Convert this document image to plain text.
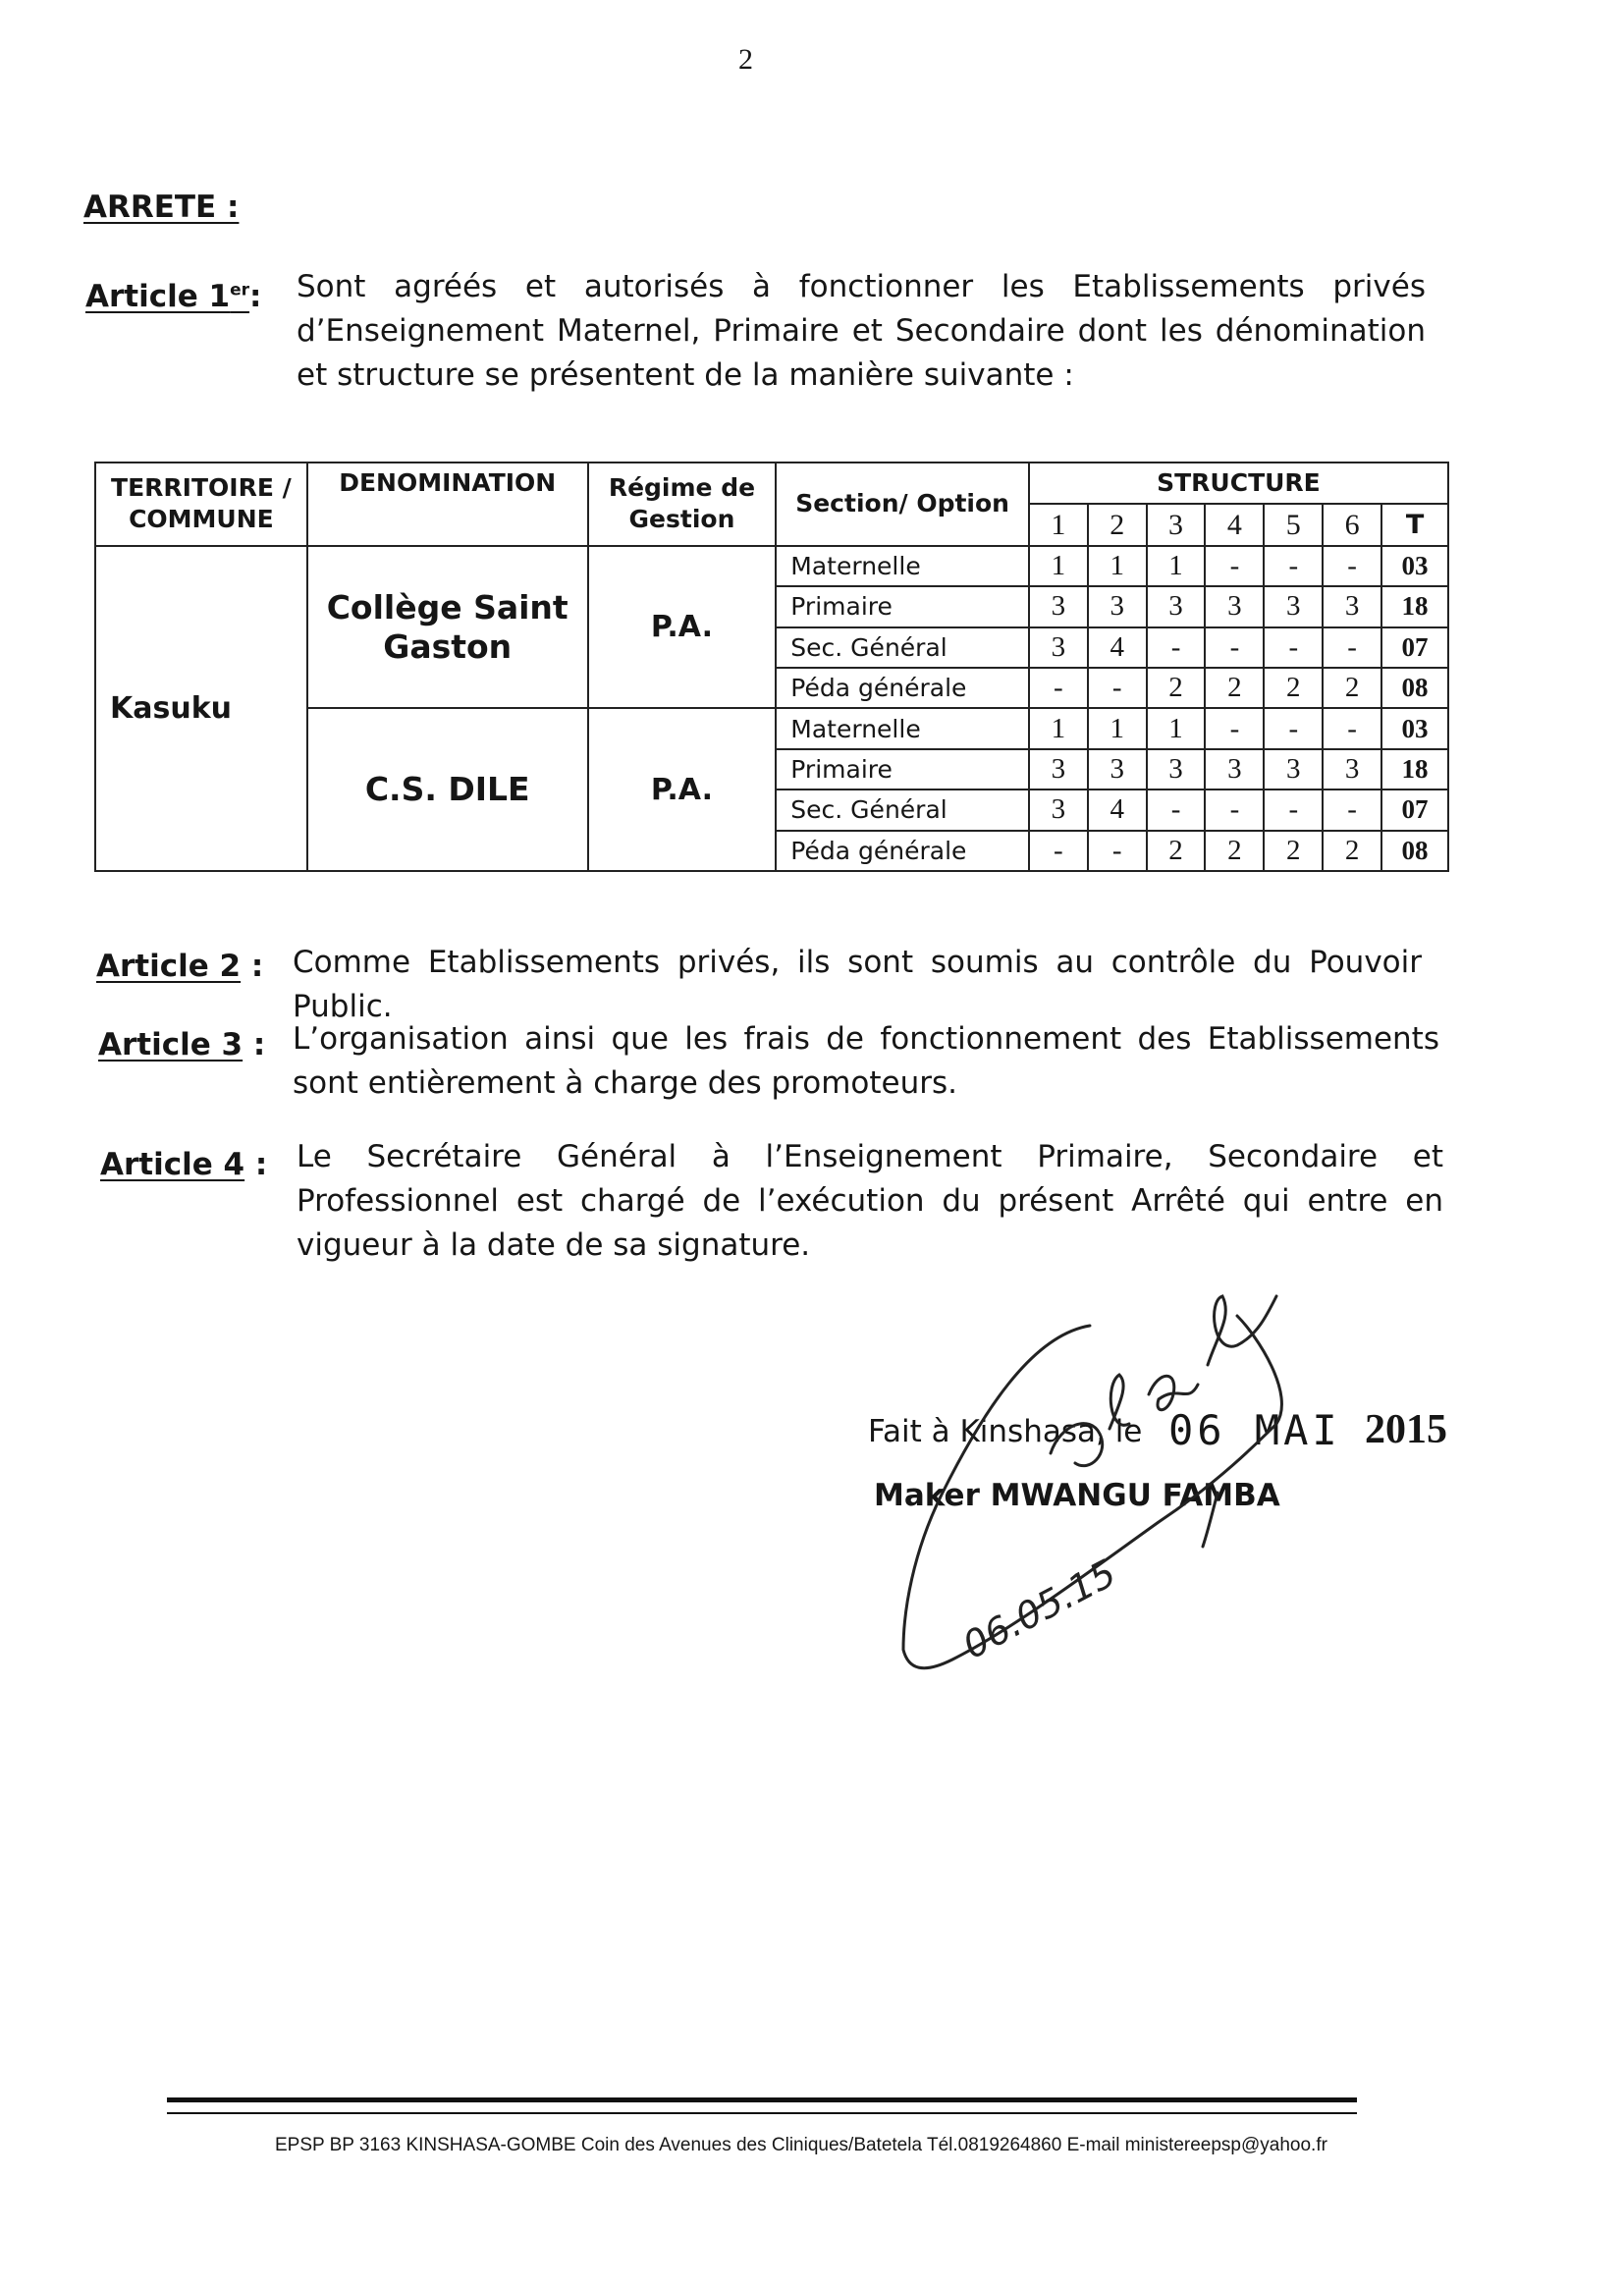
2
ARRETE :
Article 1er: Sont agréés et autorisés à fonctionner les Etablissements privés d’Enseignement Maternel, Primaire et Secondaire dont les dénomination et structure se présentent de la manière suivante :
TERRITOIRE / COMMUNE	DENOMINATION	Régime de Gestion	Section/ Option	STRUCTURE						
				1	2	3	4	5	6	T
Kasuku	Collège Saint Gaston	P.A.	Maternelle	1	1	1	-	-	-	03
			Primaire	3	3	3	3	3	3	18
			Sec. Général	3	4	-	-	-	-	07
			Péda générale	-	-	2	2	2	2	08
	C.S. DILE	P.A.	Maternelle	1	1	1	-	-	-	03
			Primaire	3	3	3	3	3	3	18
			Sec. Général	3	4	-	-	-	-	07
			Péda générale	-	-	2	2	2	2	08
Article 2 : Comme Etablissements privés, ils sont soumis au contrôle du Pouvoir Public.
Article 3 : L’organisation ainsi que les frais de fonctionnement des Etablissements sont entièrement à charge des promoteurs.
Article 4 : Le Secrétaire Général à l’Enseignement Primaire, Secondaire et Professionnel est chargé de l’exécution du présent Arrêté qui entre en vigueur à la date de sa signature.
Fait à Kinshasa, le 06 MAI 2015
Maker MWANGU FAMBA
06.05.15
EPSP BP 3163 KINSHASA-GOMBE Coin des Avenues des Cliniques/Batetela Tél.0819264860 E-mail ministereepsp@yahoo.fr
